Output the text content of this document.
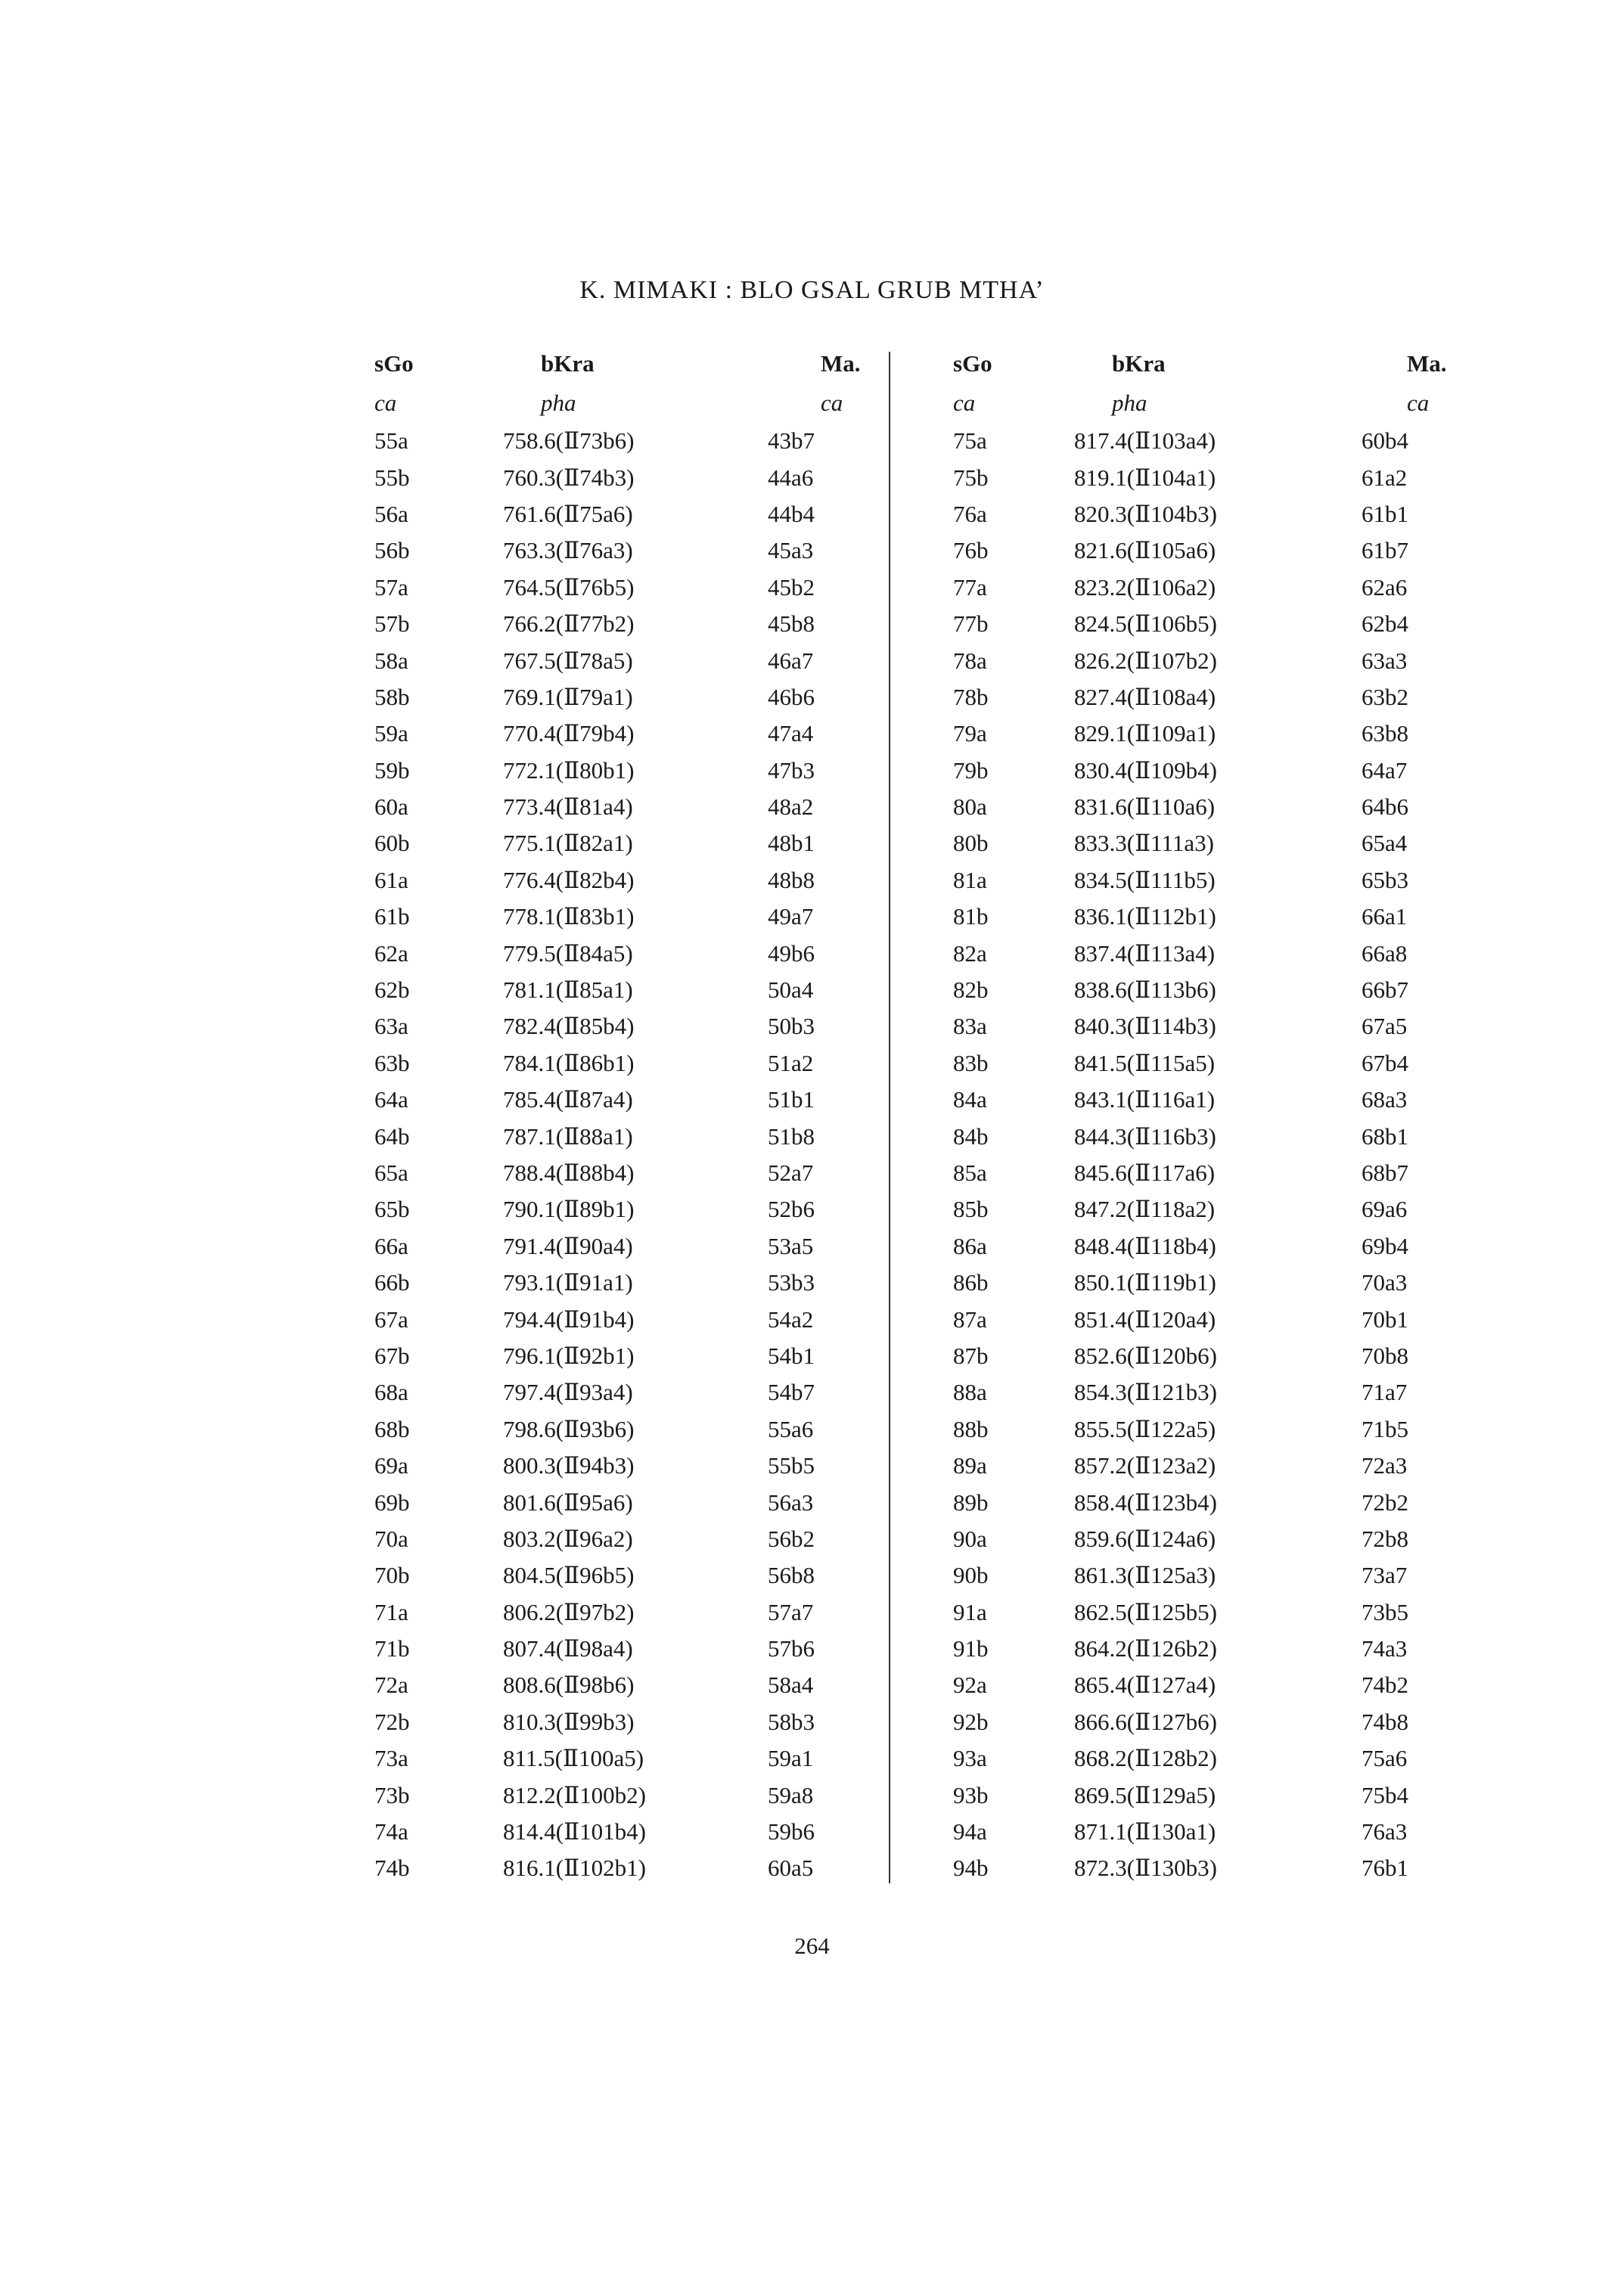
K. MIMAKI : BLO GSAL GRUB MTHA’
sGo	bKra	Ma.
ca	pha	ca
55a	758.6(Ⅱ73b6)	43b7
55b	760.3(Ⅱ74b3)	44a6
56a	761.6(Ⅱ75a6)	44b4
56b	763.3(Ⅱ76a3)	45a3
57a	764.5(Ⅱ76b5)	45b2
57b	766.2(Ⅱ77b2)	45b8
58a	767.5(Ⅱ78a5)	46a7
58b	769.1(Ⅱ79a1)	46b6
59a	770.4(Ⅱ79b4)	47a4
59b	772.1(Ⅱ80b1)	47b3
60a	773.4(Ⅱ81a4)	48a2
60b	775.1(Ⅱ82a1)	48b1
61a	776.4(Ⅱ82b4)	48b8
61b	778.1(Ⅱ83b1)	49a7
62a	779.5(Ⅱ84a5)	49b6
62b	781.1(Ⅱ85a1)	50a4
63a	782.4(Ⅱ85b4)	50b3
63b	784.1(Ⅱ86b1)	51a2
64a	785.4(Ⅱ87a4)	51b1
64b	787.1(Ⅱ88a1)	51b8
65a	788.4(Ⅱ88b4)	52a7
65b	790.1(Ⅱ89b1)	52b6
66a	791.4(Ⅱ90a4)	53a5
66b	793.1(Ⅱ91a1)	53b3
67a	794.4(Ⅱ91b4)	54a2
67b	796.1(Ⅱ92b1)	54b1
68a	797.4(Ⅱ93a4)	54b7
68b	798.6(Ⅱ93b6)	55a6
69a	800.3(Ⅱ94b3)	55b5
69b	801.6(Ⅱ95a6)	56a3
70a	803.2(Ⅱ96a2)	56b2
70b	804.5(Ⅱ96b5)	56b8
71a	806.2(Ⅱ97b2)	57a7
71b	807.4(Ⅱ98a4)	57b6
72a	808.6(Ⅱ98b6)	58a4
72b	810.3(Ⅱ99b3)	58b3
73a	811.5(Ⅱ100a5)	59a1
73b	812.2(Ⅱ100b2)	59a8
74a	814.4(Ⅱ101b4)	59b6
74b	816.1(Ⅱ102b1)	60a5
sGo	bKra	Ma.
ca	pha	ca
75a	817.4(Ⅱ103a4)	60b4
75b	819.1(Ⅱ104a1)	61a2
76a	820.3(Ⅱ104b3)	61b1
76b	821.6(Ⅱ105a6)	61b7
77a	823.2(Ⅱ106a2)	62a6
77b	824.5(Ⅱ106b5)	62b4
78a	826.2(Ⅱ107b2)	63a3
78b	827.4(Ⅱ108a4)	63b2
79a	829.1(Ⅱ109a1)	63b8
79b	830.4(Ⅱ109b4)	64a7
80a	831.6(Ⅱ110a6)	64b6
80b	833.3(Ⅱ111a3)	65a4
81a	834.5(Ⅱ111b5)	65b3
81b	836.1(Ⅱ112b1)	66a1
82a	837.4(Ⅱ113a4)	66a8
82b	838.6(Ⅱ113b6)	66b7
83a	840.3(Ⅱ114b3)	67a5
83b	841.5(Ⅱ115a5)	67b4
84a	843.1(Ⅱ116a1)	68a3
84b	844.3(Ⅱ116b3)	68b1
85a	845.6(Ⅱ117a6)	68b7
85b	847.2(Ⅱ118a2)	69a6
86a	848.4(Ⅱ118b4)	69b4
86b	850.1(Ⅱ119b1)	70a3
87a	851.4(Ⅱ120a4)	70b1
87b	852.6(Ⅱ120b6)	70b8
88a	854.3(Ⅱ121b3)	71a7
88b	855.5(Ⅱ122a5)	71b5
89a	857.2(Ⅱ123a2)	72a3
89b	858.4(Ⅱ123b4)	72b2
90a	859.6(Ⅱ124a6)	72b8
90b	861.3(Ⅱ125a3)	73a7
91a	862.5(Ⅱ125b5)	73b5
91b	864.2(Ⅱ126b2)	74a3
92a	865.4(Ⅱ127a4)	74b2
92b	866.6(Ⅱ127b6)	74b8
93a	868.2(Ⅱ128b2)	75a6
93b	869.5(Ⅱ129a5)	75b4
94a	871.1(Ⅱ130a1)	76a3
94b	872.3(Ⅱ130b3)	76b1
264
